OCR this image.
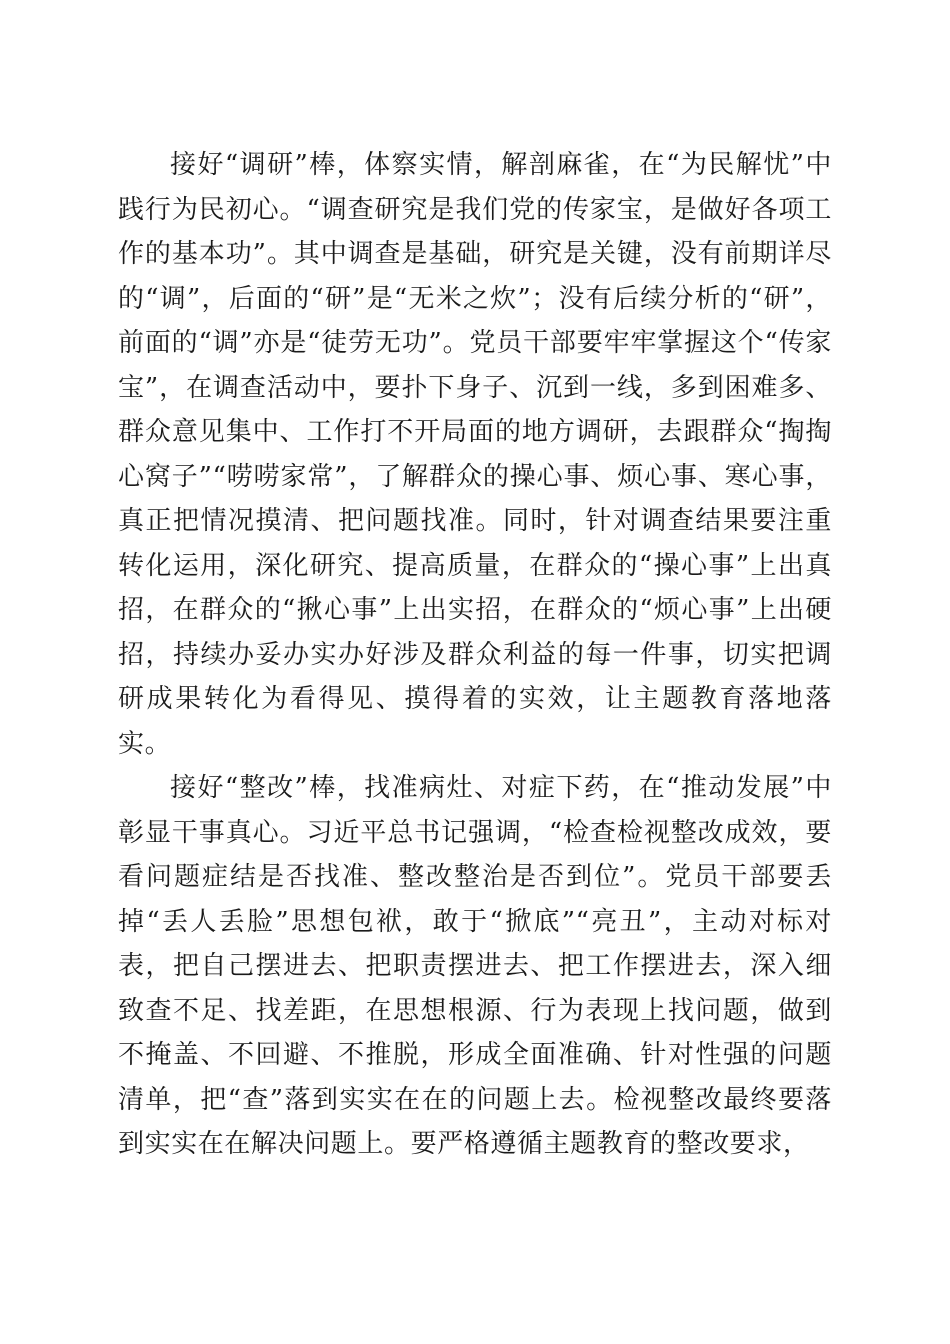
接好“调研”棒，体察实情，解剖麻雀，在“为民解忧”中践行为民初心。“调查研究是我们党的传家宝，是做好各项工作的基本功”。其中调查是基础，研究是关键，没有前期详尽的“调”，后面的“研”是“无米之炊”；没有后续分析的“研”，前面的“调”亦是“徒劳无功”。党员干部要牢牢掌握这个“传家宝”，在调查活动中，要扑下身子、沉到一线，多到困难多、群众意见集中、工作打不开局面的地方调研，去跟群众“掏掏心窝子”“唠唠家常”，了解群众的操心事、烦心事、寒心事，真正把情况摸清、把问题找准。同时，针对调查结果要注重转化运用，深化研究、提高质量，在群众的“操心事”上出真招，在群众的“揪心事”上出实招，在群众的“烦心事”上出硬招，持续办妥办实办好涉及群众利益的每一件事，切实把调研成果转化为看得见、摸得着的实效，让主题教育落地落实。

接好“整改”棒，找准病灶、对症下药，在“推动发展”中彰显干事真心。习近平总书记强调，“检查检视整改成效，要看问题症结是否找准、整改整治是否到位”。党员干部要丢掉“丢人丢脸”思想包袱，敢于“掀底”“亮丑”，主动对标对表，把自己摆进去、把职责摆进去、把工作摆进去，深入细致查不足、找差距，在思想根源、行为表现上找问题，做到不掩盖、不回避、不推脱，形成全面准确、针对性强的问题清单，把“查”落到实实在在的问题上去。检视整改最终要落到实实在在解决问题上。要严格遵循主题教育的整改要求，
